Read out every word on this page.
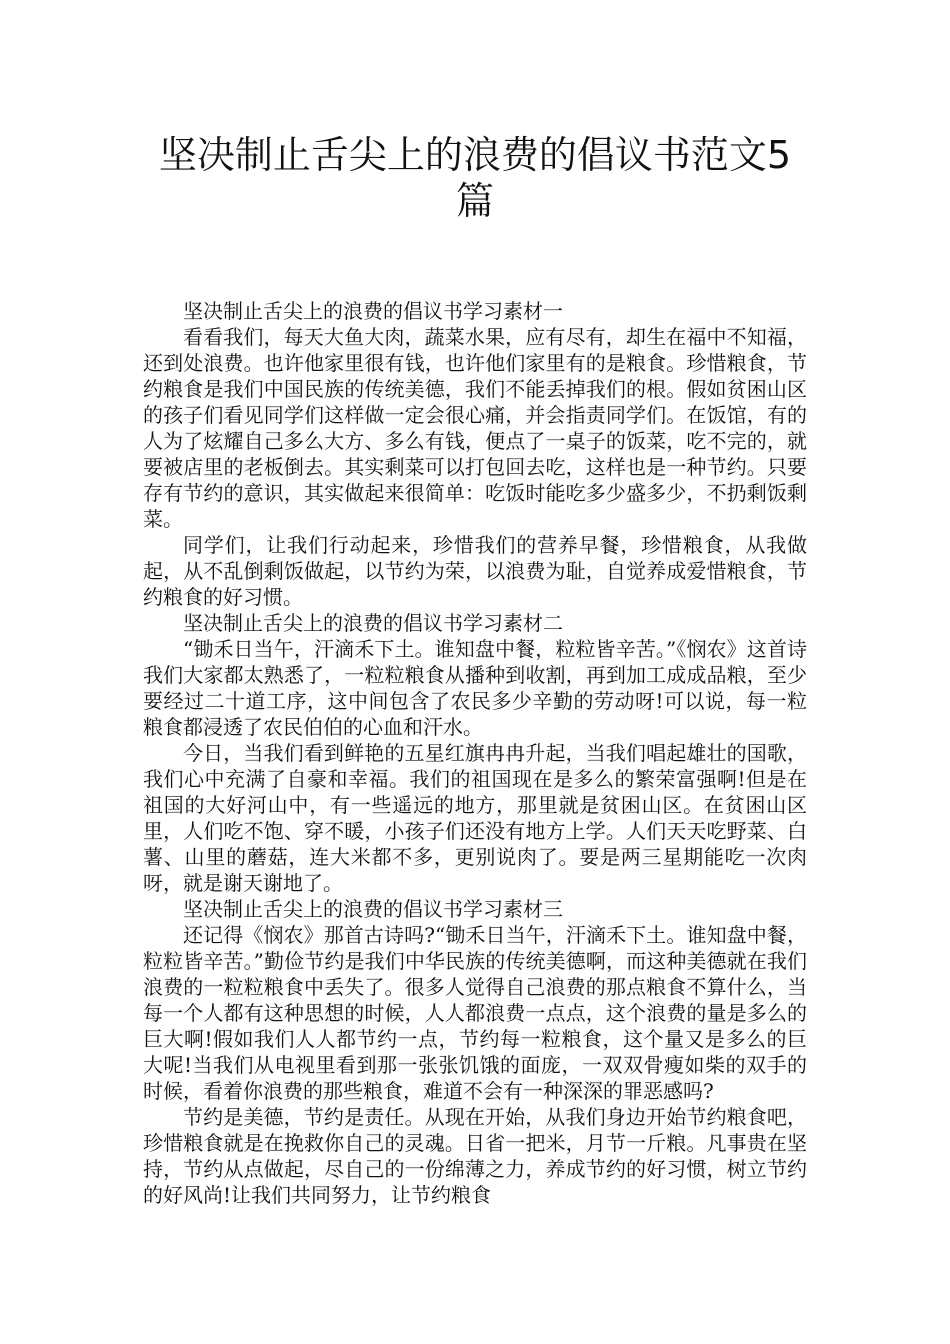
坚决制止舌尖上的浪费的倡议书范文5篇

坚决制止舌尖上的浪费的倡议书学习素材一

看看我们，每天大鱼大肉，蔬菜水果，应有尽有，却生在福中不知福，还到处浪费。也许他家里很有钱，也许他们家里有的是粮食。珍惜粮食，节约粮食是我们中国民族的传统美德，我们不能丢掉我们的根。假如贫困山区的孩子们看见同学们这样做一定会很心痛，并会指责同学们。在饭馆，有的人为了炫耀自己多么大方、多么有钱，便点了一桌子的饭菜，吃不完的，就要被店里的老板倒去。其实剩菜可以打包回去吃，这样也是一种节约。只要存有节约的意识，其实做起来很简单：吃饭时能吃多少盛多少，不扔剩饭剩菜。

同学们，让我们行动起来，珍惜我们的营养早餐，珍惜粮食，从我做起，从不乱倒剩饭做起，以节约为荣，以浪费为耻，自觉养成爱惜粮食，节约粮食的好习惯。

坚决制止舌尖上的浪费的倡议书学习素材二

“锄禾日当午，汗滴禾下土。谁知盘中餐，粒粒皆辛苦。”《悯农》这首诗我们大家都太熟悉了，一粒粒粮食从播种到收割，再到加工成成品粮，至少要经过二十道工序，这中间包含了农民多少辛勤的劳动呀!可以说，每一粒粮食都浸透了农民伯伯的心血和汗水。

今日，当我们看到鲜艳的五星红旗冉冉升起，当我们唱起雄壮的国歌，我们心中充满了自豪和幸福。我们的祖国现在是多么的繁荣富强啊!但是在祖国的大好河山中，有一些遥远的地方，那里就是贫困山区。在贫困山区里，人们吃不饱、穿不暖，小孩子们还没有地方上学。人们天天吃野菜、白薯、山里的蘑菇，连大米都不多，更别说肉了。要是两三星期能吃一次肉呀，就是谢天谢地了。

坚决制止舌尖上的浪费的倡议书学习素材三

还记得《悯农》那首古诗吗?“锄禾日当午，汗滴禾下土。谁知盘中餐，粒粒皆辛苦。”勤俭节约是我们中华民族的传统美德啊，而这种美德就在我们浪费的一粒粒粮食中丢失了。很多人觉得自己浪费的那点粮食不算什么，当每一个人都有这种思想的时候，人人都浪费一点点，这个浪费的量是多么的巨大啊!假如我们人人都节约一点，节约每一粒粮食，这个量又是多么的巨大呢!当我们从电视里看到那一张张饥饿的面庞，一双双骨瘦如柴的双手的时候，看着你浪费的那些粮食，难道不会有一种深深的罪恶感吗?

节约是美德，节约是责任。从现在开始，从我们身边开始节约粮食吧，珍惜粮食就是在挽救你自己的灵魂。日省一把米，月节一斤粮。凡事贵在坚持，节约从点做起，尽自己的一份绵薄之力，养成节约的好习惯，树立节约的好风尚!让我们共同努力，让节约粮食
